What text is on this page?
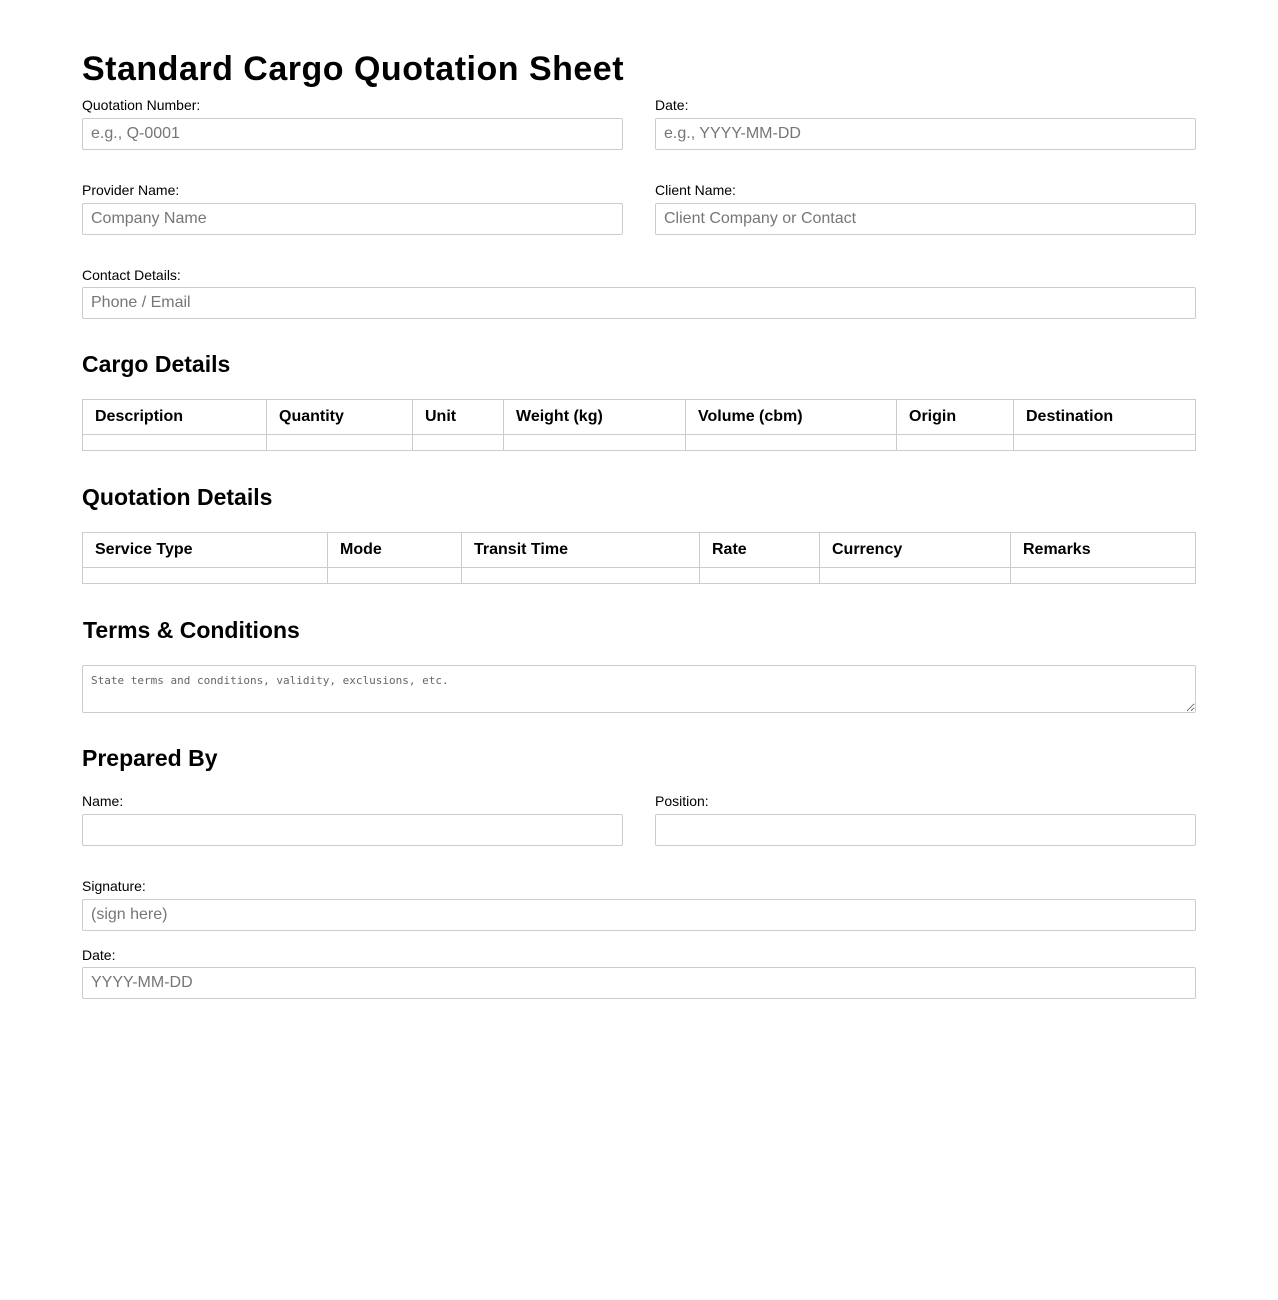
Standard Cargo Quotation Sheet
Quotation Number:
e.g., Q-0001	Date:
e.g., YYYY-MM-DD
Provider Name:
Company Name	Client Name:
Client Company or Contact
Contact Details:
Phone / Email
Cargo Details
Description	Quantity	Unit	Weight (kg)	Volume (cbm)	Origin	Destination

Quotation Details
Service Type	Mode	Transit Time	Rate	Currency	Remarks

Terms & Conditions
State terms and conditions, validity, exclusions, etc.
Prepared By
Name:	Position:
Signature:
(sign here)
Date:
YYYY-MM-DD
